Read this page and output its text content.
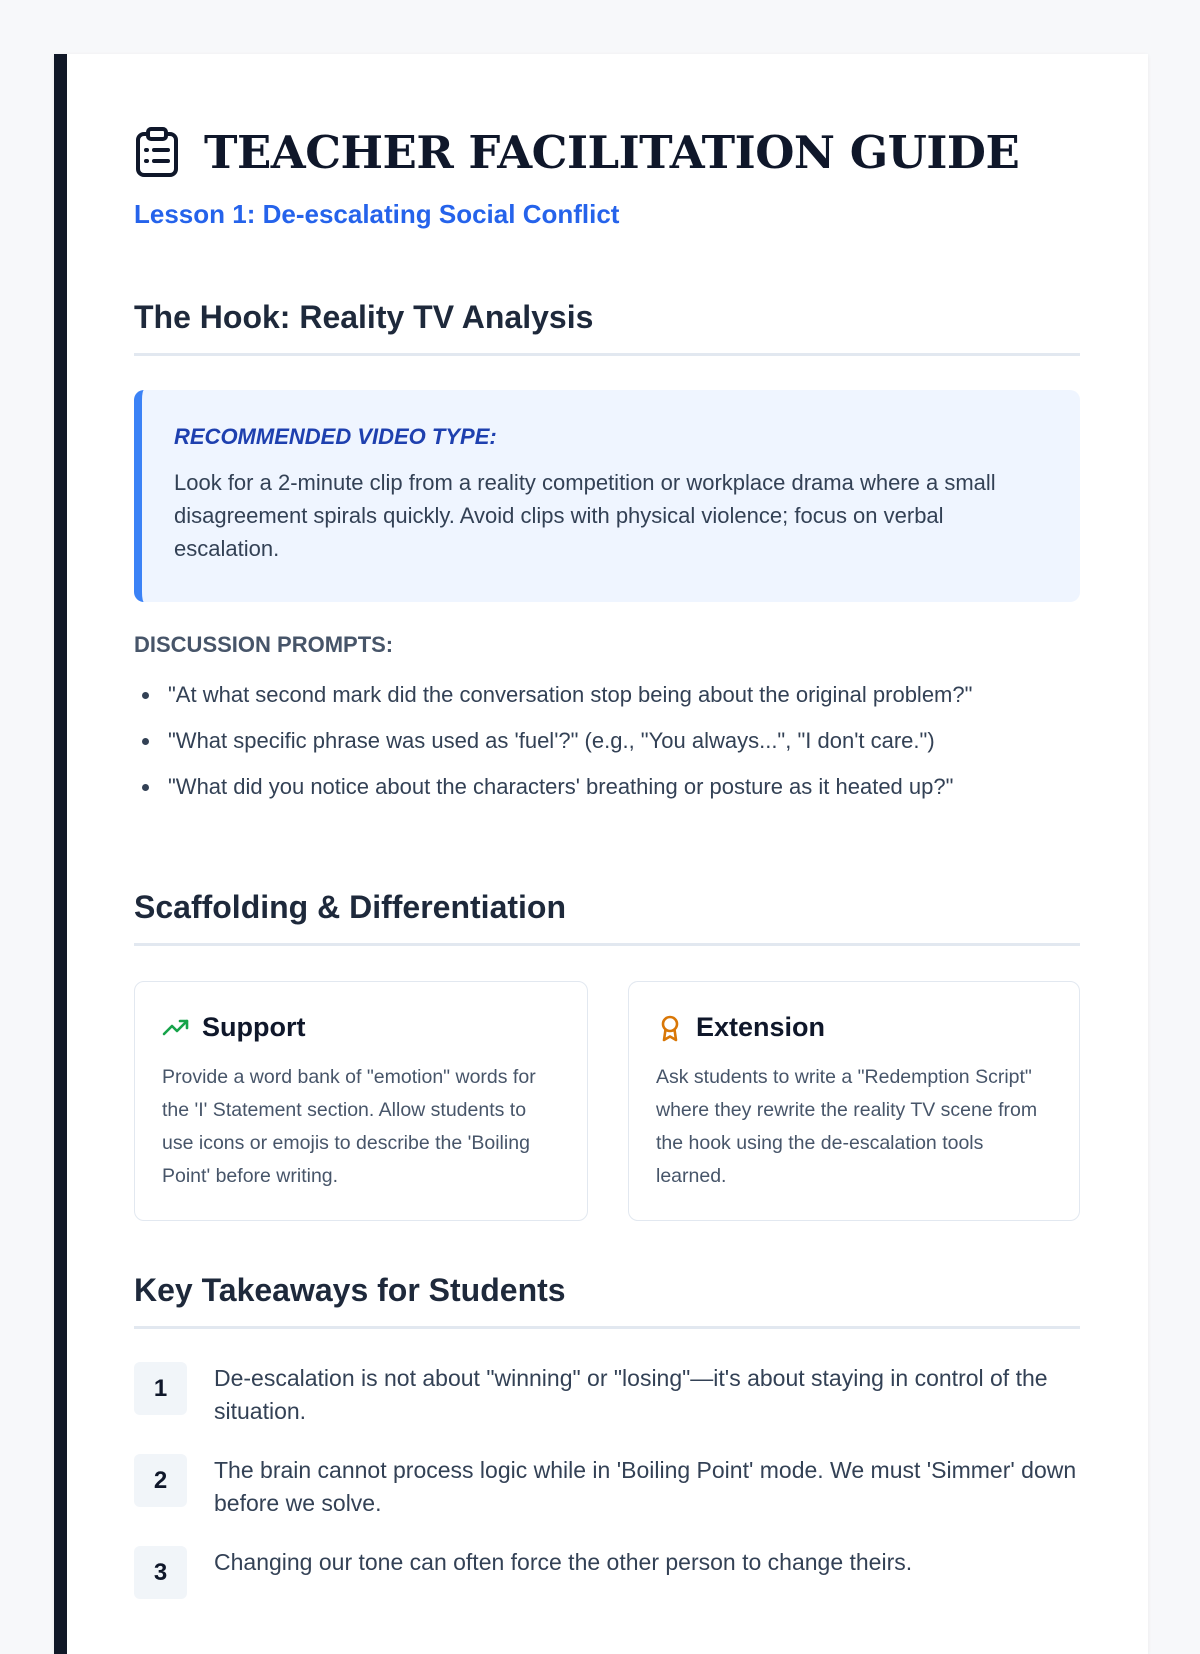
TEACHER FACILITATION GUIDE

Lesson 1: De-escalating Social Conflict

The Hook: Reality TV Analysis

RECOMMENDED VIDEO TYPE:

Look for a 2-minute clip from a reality competition or workplace drama where a small disagreement spirals quickly. Avoid clips with physical violence; focus on verbal escalation.

DISCUSSION PROMPTS:

"At what second mark did the conversation stop being about the original problem?"
"What specific phrase was used as 'fuel'?" (e.g., "You always...", "I don't care.")
"What did you notice about the characters' breathing or posture as it heated up?"
Scaffolding & Differentiation
Support

Provide a word bank of "emotion" words for the 'I' Statement section. Allow students to use icons or emojis to describe the 'Boiling Point' before writing.

Extension

Ask students to write a "Redemption Script" where they rewrite the reality TV scene from the hook using the de-escalation tools learned.

Key Takeaways for Students
1	De-escalation is not about "winning" or "losing"—it's about staying in control of the situation.
2	The brain cannot process logic while in 'Boiling Point' mode. We must 'Simmer' down before we solve.
3	Changing our tone can often force the other person to change theirs.
